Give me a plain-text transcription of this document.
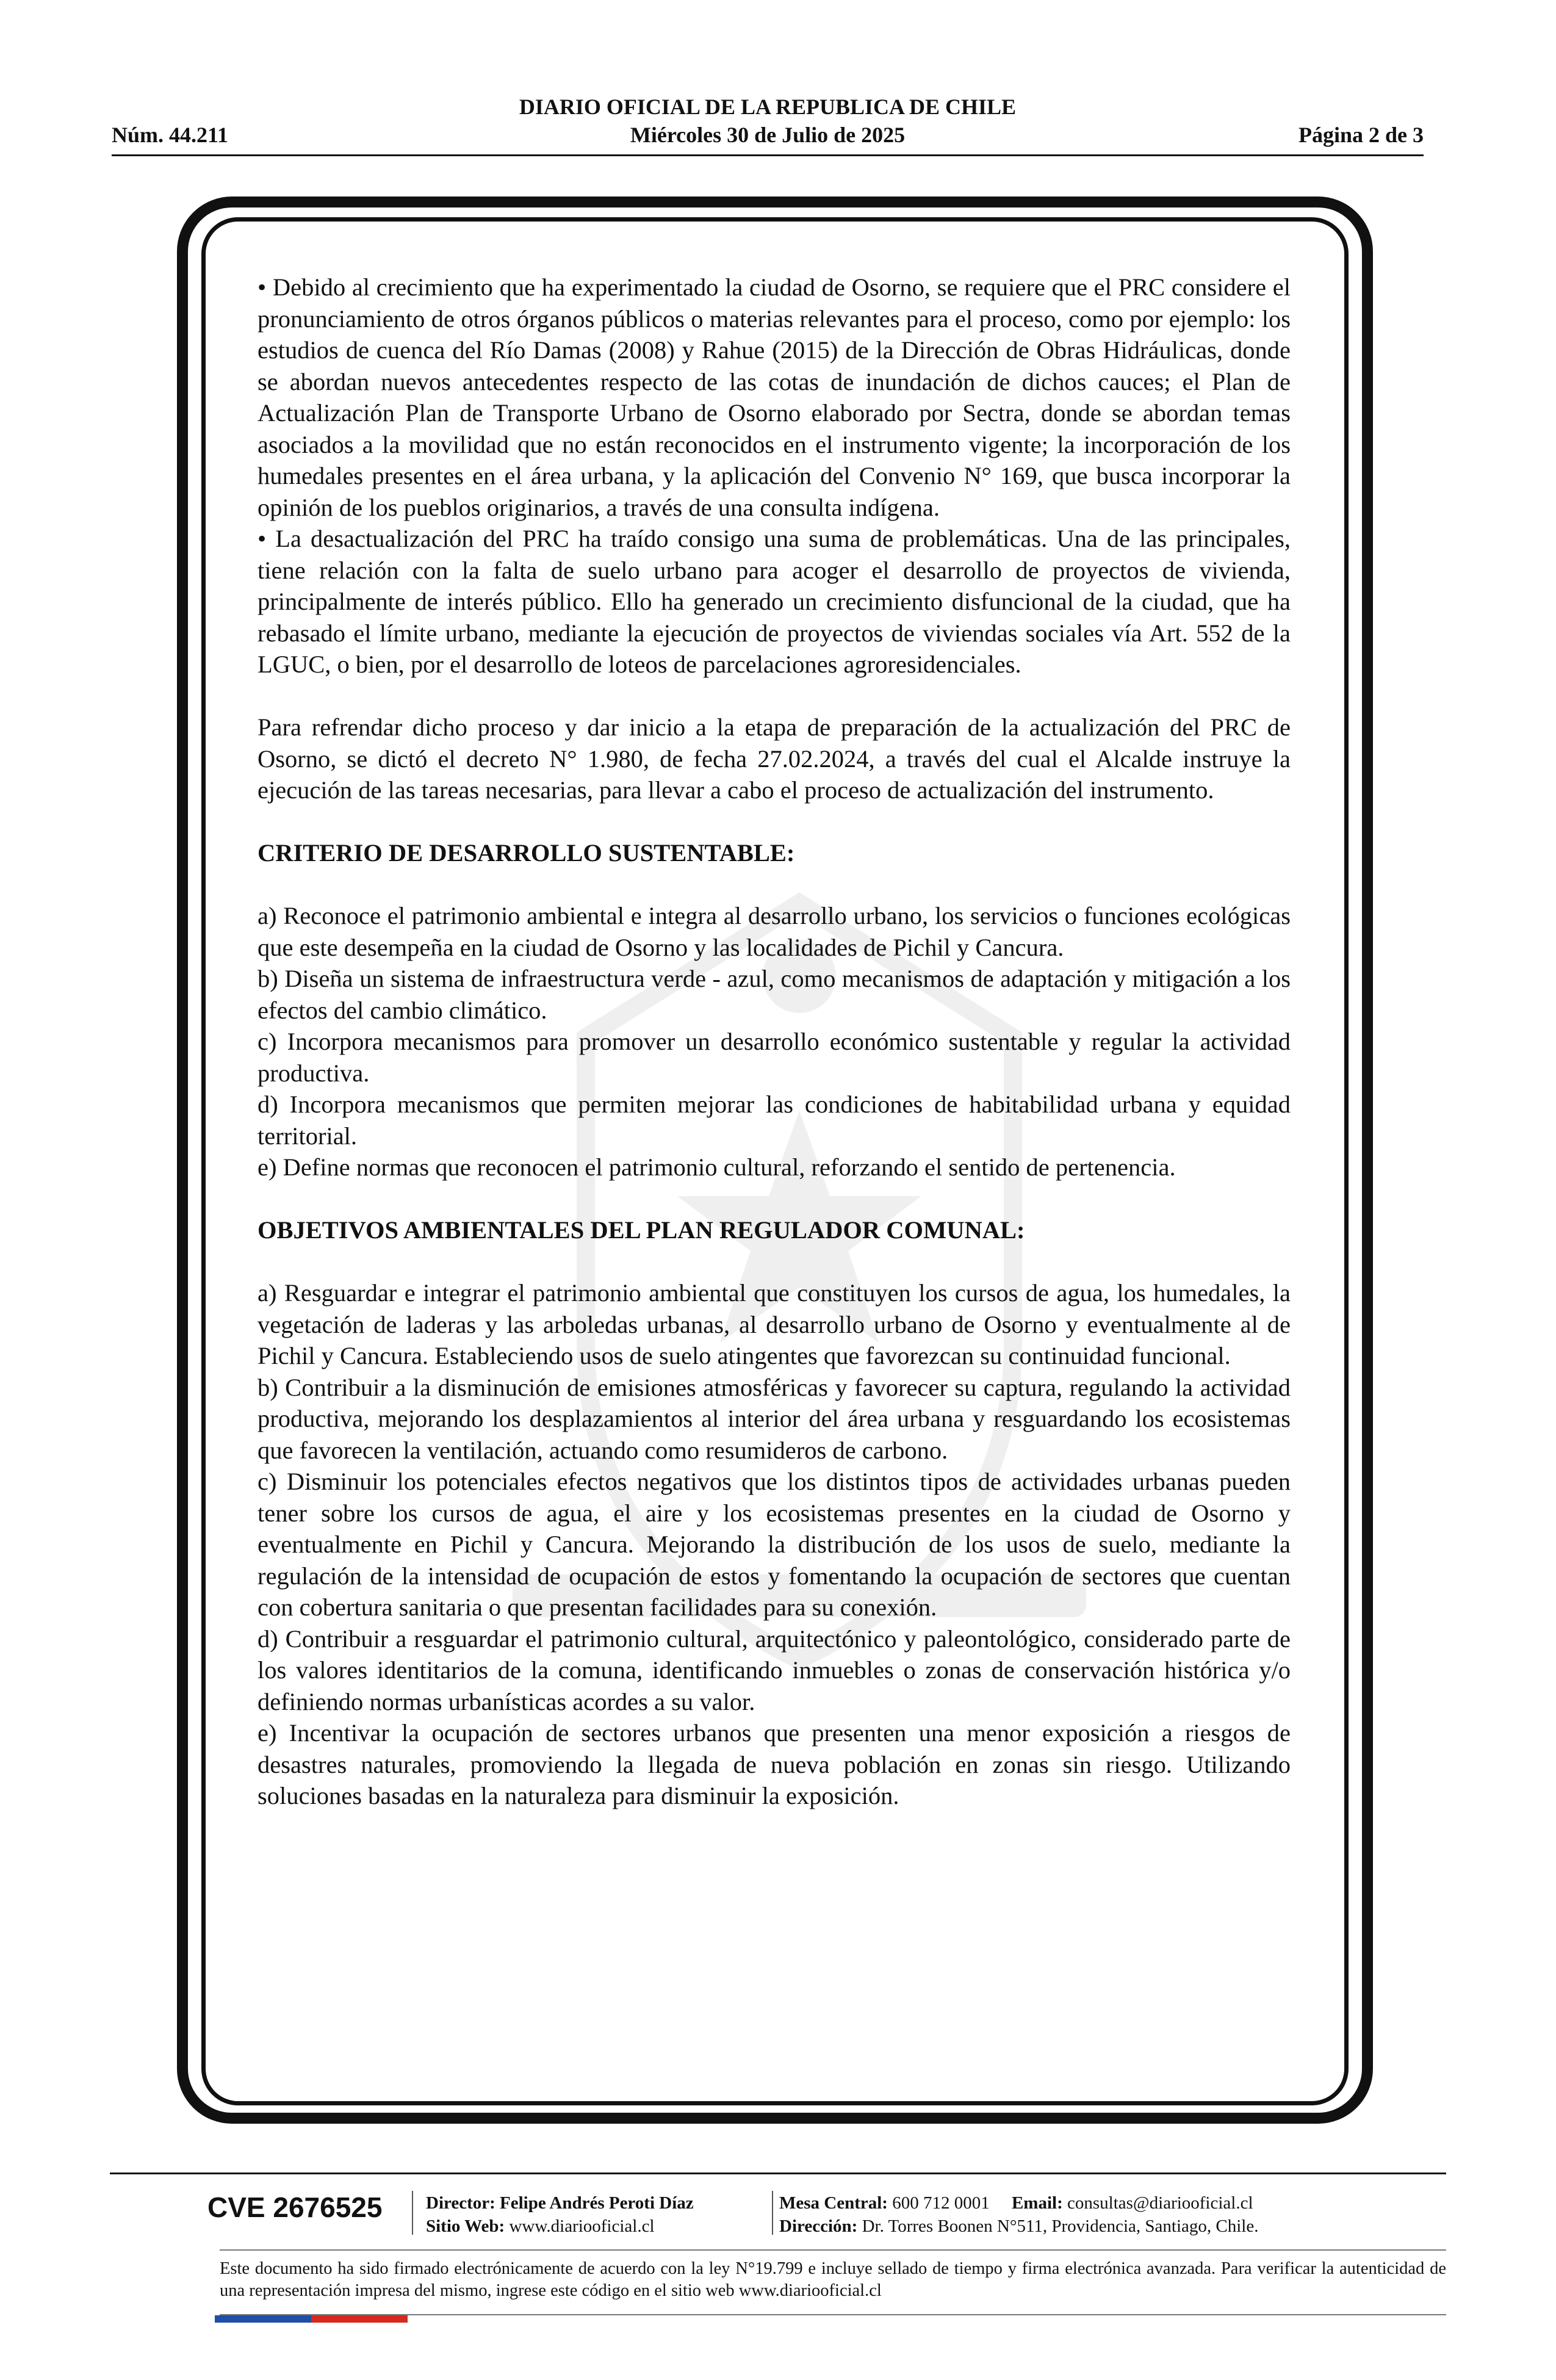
DIARIO OFICIAL DE LA REPUBLICA DE CHILE
Núm. 44.211	Miércoles 30 de Julio de 2025	Página 2 de 3

• Debido al crecimiento que ha experimentado la ciudad de Osorno, se requiere que el PRC considere el pronunciamiento de otros órganos públicos o materias relevantes para el proceso, como por ejemplo: los estudios de cuenca del Río Damas (2008) y Rahue (2015) de la Dirección de Obras Hidráulicas, donde se abordan nuevos antecedentes respecto de las cotas de inundación de dichos cauces; el Plan de Actualización Plan de Transporte Urbano de Osorno elaborado por Sectra, donde se abordan temas asociados a la movilidad que no están reconocidos en el instrumento vigente; la incorporación de los humedales presentes en el área urbana, y la aplicación del Convenio N° 169, que busca incorporar la opinión de los pueblos originarios, a través de una consulta indígena.

• La desactualización del PRC ha traído consigo una suma de problemáticas. Una de las principales, tiene relación con la falta de suelo urbano para acoger el desarrollo de proyectos de vivienda, principalmente de interés público. Ello ha generado un crecimiento disfuncional de la ciudad, que ha rebasado el límite urbano, mediante la ejecución de proyectos de viviendas sociales vía Art. 552 de la LGUC, o bien, por el desarrollo de loteos de parcelaciones agroresidenciales.

Para refrendar dicho proceso y dar inicio a la etapa de preparación de la actualización del PRC de Osorno, se dictó el decreto N° 1.980, de fecha 27.02.2024, a través del cual el Alcalde instruye la ejecución de las tareas necesarias, para llevar a cabo el proceso de actualización del instrumento.

CRITERIO DE DESARROLLO SUSTENTABLE:

a) Reconoce el patrimonio ambiental e integra al desarrollo urbano, los servicios o funciones ecológicas que este desempeña en la ciudad de Osorno y las localidades de Pichil y Cancura.

b) Diseña un sistema de infraestructura verde - azul, como mecanismos de adaptación y mitigación a los efectos del cambio climático.

c) Incorpora mecanismos para promover un desarrollo económico sustentable y regular la actividad productiva.

d) Incorpora mecanismos que permiten mejorar las condiciones de habitabilidad urbana y equidad territorial.

e) Define normas que reconocen el patrimonio cultural, reforzando el sentido de pertenencia.

OBJETIVOS AMBIENTALES DEL PLAN REGULADOR COMUNAL:

a) Resguardar e integrar el patrimonio ambiental que constituyen los cursos de agua, los humedales, la vegetación de laderas y las arboledas urbanas, al desarrollo urbano de Osorno y eventualmente al de Pichil y Cancura. Estableciendo usos de suelo atingentes que favorezcan su continuidad funcional.

b) Contribuir a la disminución de emisiones atmosféricas y favorecer su captura, regulando la actividad productiva, mejorando los desplazamientos al interior del área urbana y resguardando los ecosistemas que favorecen la ventilación, actuando como resumideros de carbono.

c) Disminuir los potenciales efectos negativos que los distintos tipos de actividades urbanas pueden tener sobre los cursos de agua, el aire y los ecosistemas presentes en la ciudad de Osorno y eventualmente en Pichil y Cancura. Mejorando la distribución de los usos de suelo, mediante la regulación de la intensidad de ocupación de estos y fomentando la ocupación de sectores que cuentan con cobertura sanitaria o que presentan facilidades para su conexión.

d) Contribuir a resguardar el patrimonio cultural, arquitectónico y paleontológico, considerado parte de los valores identitarios de la comuna, identificando inmuebles o zonas de conservación histórica y/o definiendo normas urbanísticas acordes a su valor.

e) Incentivar la ocupación de sectores urbanos que presenten una menor exposición a riesgos de desastres naturales, promoviendo la llegada de nueva población en zonas sin riesgo. Utilizando soluciones basadas en la naturaleza para disminuir la exposición.

CVE 2676525 Director: Felipe Andrés Peroti Díaz
Sitio Web: www.diariooficial.cl
Mesa Central: 600 712 0001 Email: consultas@diariooficial.cl
Dirección: Dr. Torres Boonen N°511, Providencia, Santiago, Chile.
Este documento ha sido firmado electrónicamente de acuerdo con la ley N°19.799 e incluye sellado de tiempo y firma electrónica avanzada. Para verificar la autenticidad de una representación impresa del mismo, ingrese este código en el sitio web www.diariooficial.cl
